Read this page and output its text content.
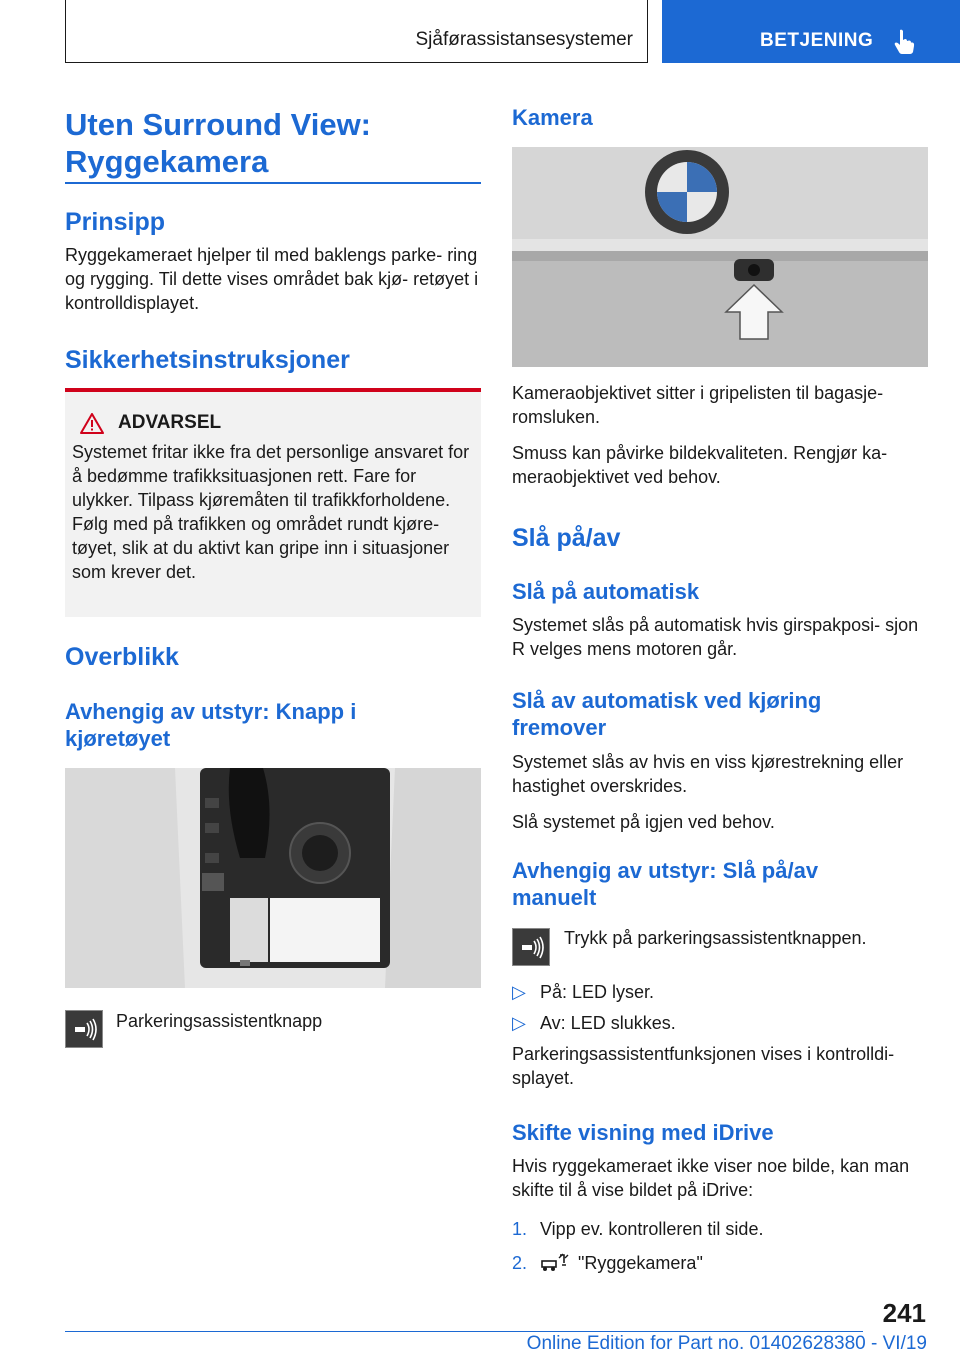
Sjåførassistansesystemer	BETJENING
Uten Surround View:
Ryggekamera
Prinsipp

Ryggekameraet hjelper til med baklengs parke- ring og rygging. Til dette vises området bak kjø- retøyet i kontrolldisplayet.

Sikkerhetsinstruksjoner
ADVARSEL

Systemet fritar ikke fra det personlige ansvaret for å bedømme trafikksituasjonen rett. Fare for ulykker. Tilpass kjøremåten til trafikkforholdene. Følg med på trafikken og området rundt kjøre- tøyet, slik at du aktivt kan gripe inn i situasjoner som krever det.

Overblikk
Avhengig av utstyr: Knapp i kjøretøyet
Parkeringsassistentknapp
Kamera

Kameraobjektivet sitter i gripelisten til bagasje- romsluken.

Smuss kan påvirke bildekvaliteten. Rengjør ka- meraobjektivet ved behov.

Slå på/av
Slå på automatisk

Systemet slås på automatisk hvis girspakposi- sjon R velges mens motoren går.

Slå av automatisk ved kjøring fremover

Systemet slås av hvis en viss kjørestrekning eller hastighet overskrides.

Slå systemet på igjen ved behov.

Avhengig av utstyr: Slå på/av manuelt
Trykk på parkeringsassistentknappen.
▷ På: LED lyser.
▷ Av: LED slukkes.

Parkeringsassistentfunksjonen vises i kontrolldi- splayet.

Skifte visning med iDrive

Hvis ryggekameraet ikke viser noe bilde, kan man skifte til å vise bildet på iDrive:

1. Vipp ev. kontrolleren til side.
2.	"Ryggekamera"
241
Online Edition for Part no. 01402628380 - VI/19
